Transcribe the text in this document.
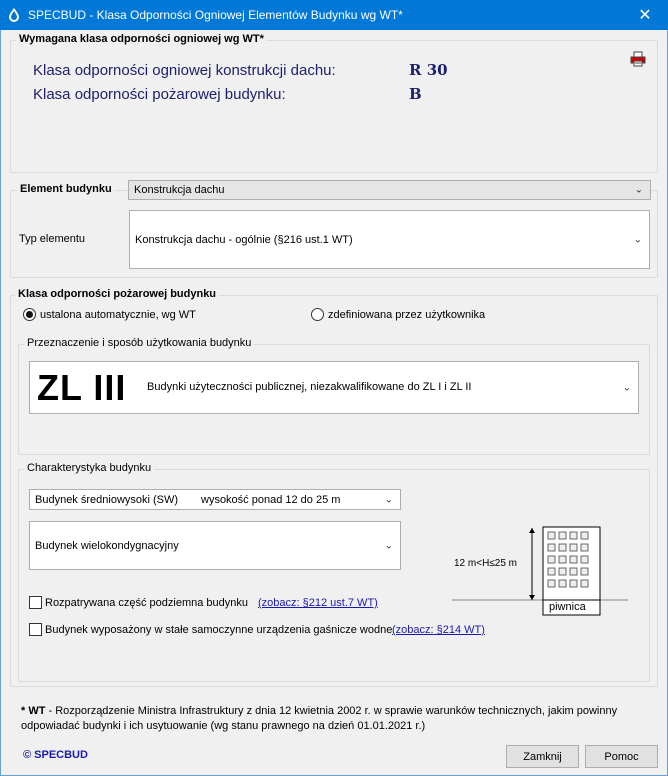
SPECBUD - Klasa Odporności Ogniowej Elementów Budynku wg WT*	✕
Wymagana klasa odporności ogniowej wg WT*
Klasa odporności ogniowej konstrukcji dachu:	R 30
Klasa odporności pożarowej budynku:	B
Element budynku Konstrukcja dachu	⌄
Typ elementu	Konstrukcja dachu - ogólnie (§216 ust.1 WT)	⌄
Klasa odporności pożarowej budynku
ustalona automatycznie, wg WT	zdefiniowana przez użytkownika
Przeznaczenie i sposób użytkowania budynku
ZL III Budynki użyteczności publicznej, niezakwalifikowane do ZL I i ZL II	⌄
Charakterystyka budynku
Budynek średniowysoki (SW) wysokość ponad 12 do 25 m	⌄
Budynek wielokondygnacyjny	⌄
Rozpatrywana część podziemna budynku (zobacz: §212 ust.7 WT)
Budynek wyposażony w stałe samoczynne urządzenia gaśnicze wodne (zobacz: §214 WT)
12 m<H≤25 m
piwnica
* WT - Rozporządzenie Ministra Infrastruktury z dnia 12 kwietnia 2002 r. w sprawie warunków technicznych, jakim powinny odpowiadać budynki i ich usytuowanie (wg stanu prawnego na dzień 01.01.2021 r.)
© SPECBUD	Zamknij	Pomoc
